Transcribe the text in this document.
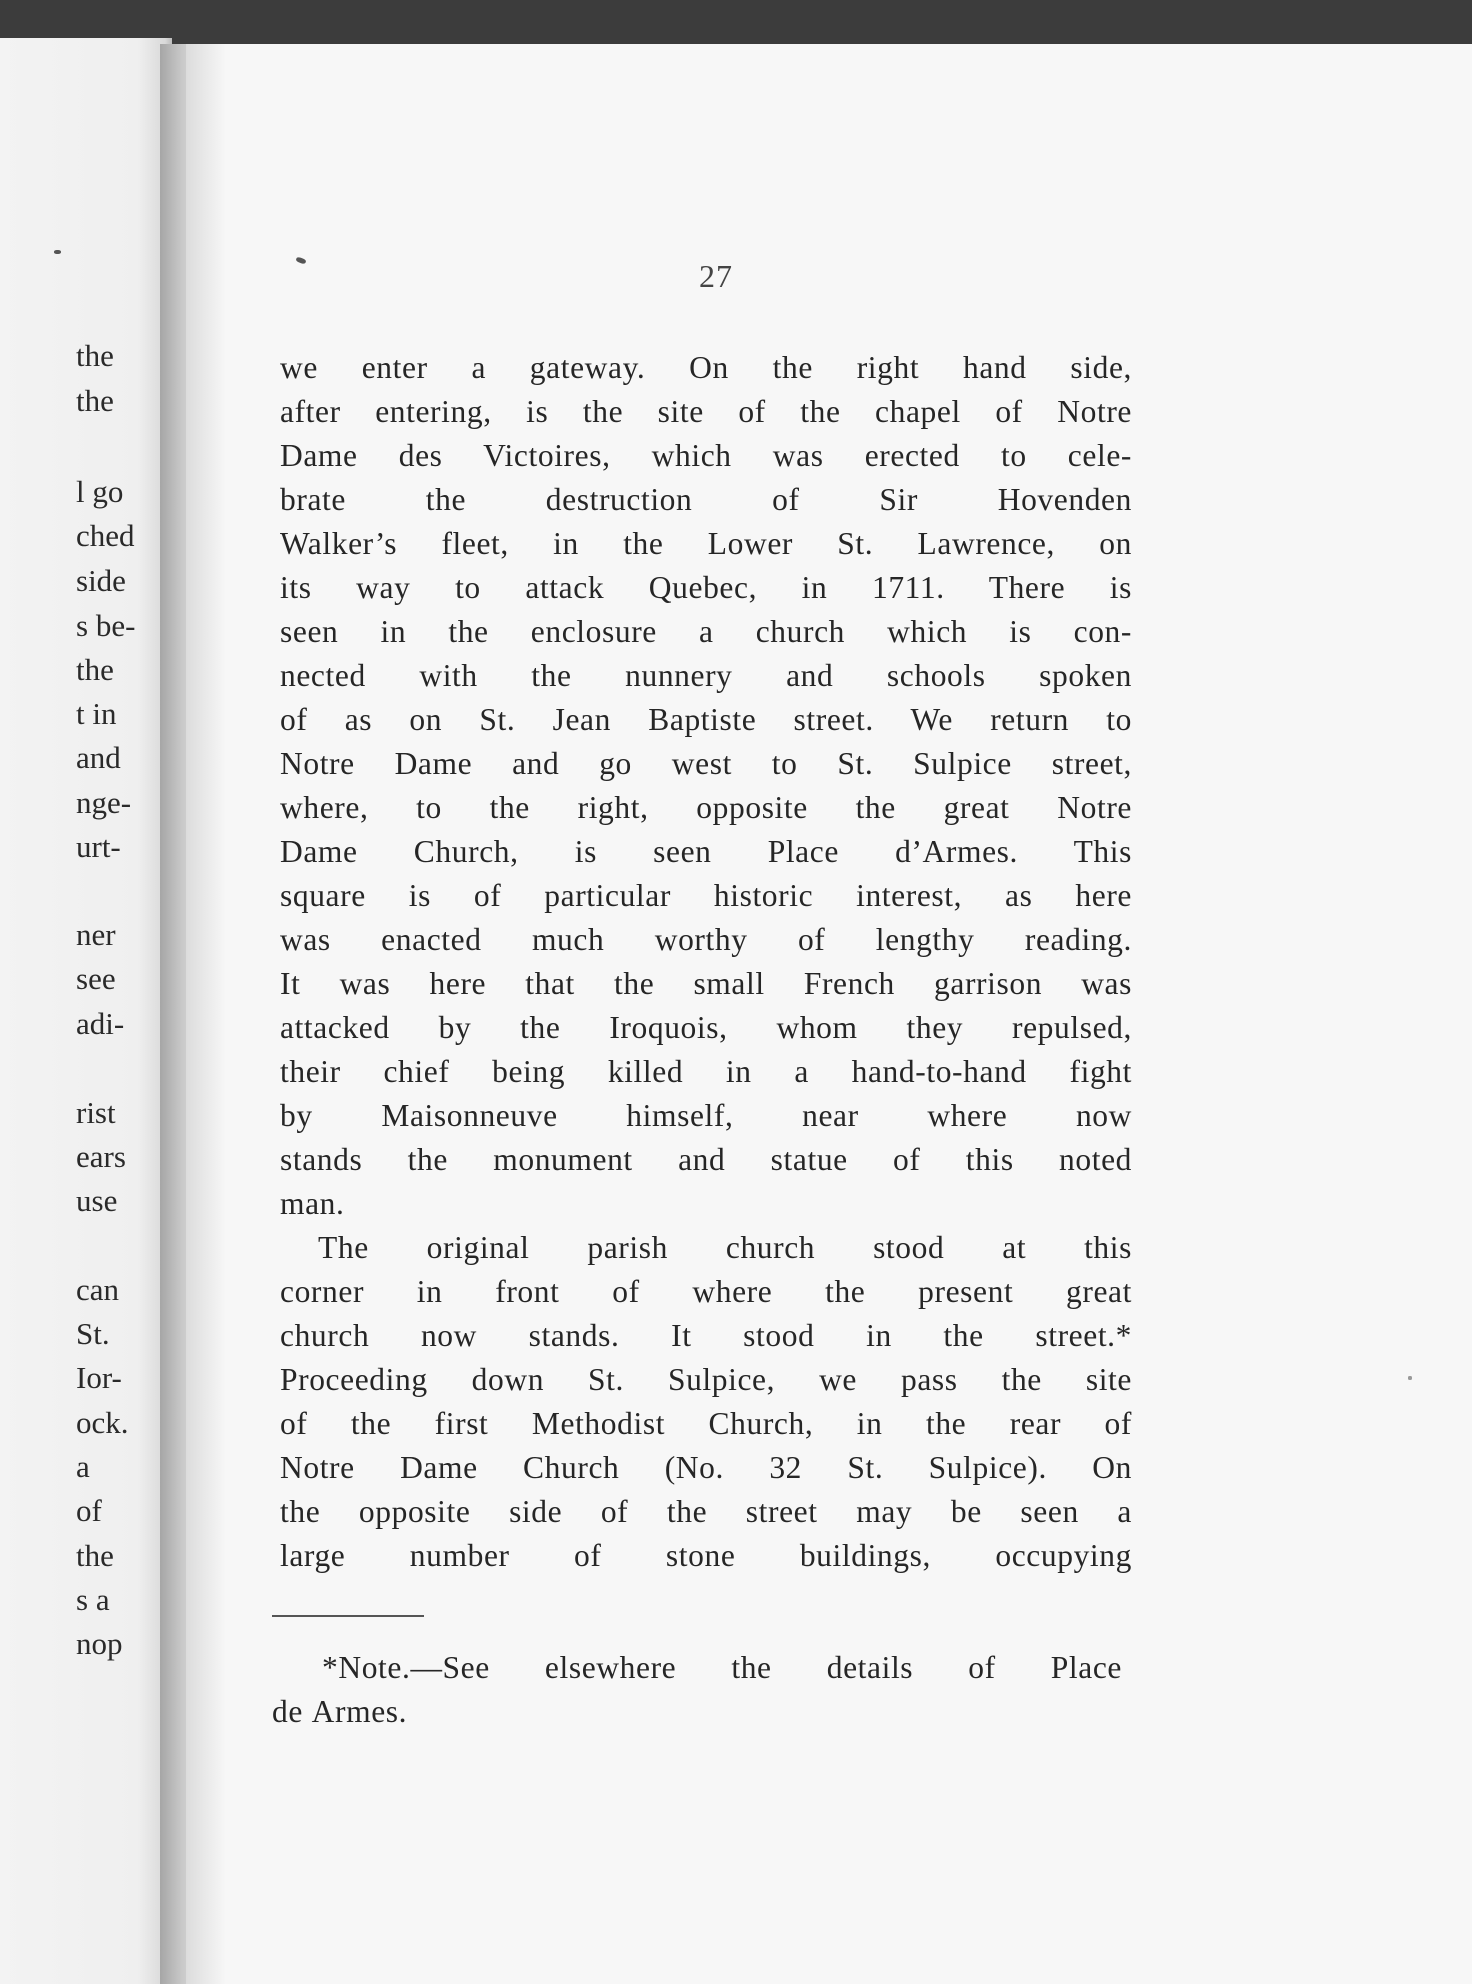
the
the
l go
ched
side
s be-
the
t in
and
nge-
urt-
ner
see
adi-
rist
ears
use
can
St.
Ior-
ock.
a
of
the
s a
nop
27
we enter a gateway. On the right hand side,
after entering, is the site of the chapel of Notre
Dame des Victoires, which was erected to cele-
brate the destruction of Sir Hovenden
Walker’s fleet, in the Lower St. Lawrence, on
its way to attack Quebec, in 1711. There is
seen in the enclosure a church which is con-
nected with the nunnery and schools spoken
of as on St. Jean Baptiste street. We return to
Notre Dame and go west to St. Sulpice street,
where, to the right, opposite the great Notre
Dame Church, is seen Place d’Armes. This
square is of particular historic interest, as here
was enacted much worthy of lengthy reading.
It was here that the small French garrison was
attacked by the Iroquois, whom they repulsed,
their chief being killed in a hand-to-hand fight
by Maisonneuve himself, near where now
stands the monument and statue of this noted
man.
The original parish church stood at this
corner in front of where the present great
church now stands. It stood in the street.*
Proceeding down St. Sulpice, we pass the site
of the first Methodist Church, in the rear of
Notre Dame Church (No. 32 St. Sulpice). On
the opposite side of the street may be seen a
large number of stone buildings, occupying
*Note.—See elsewhere the details of Place
de Armes.
